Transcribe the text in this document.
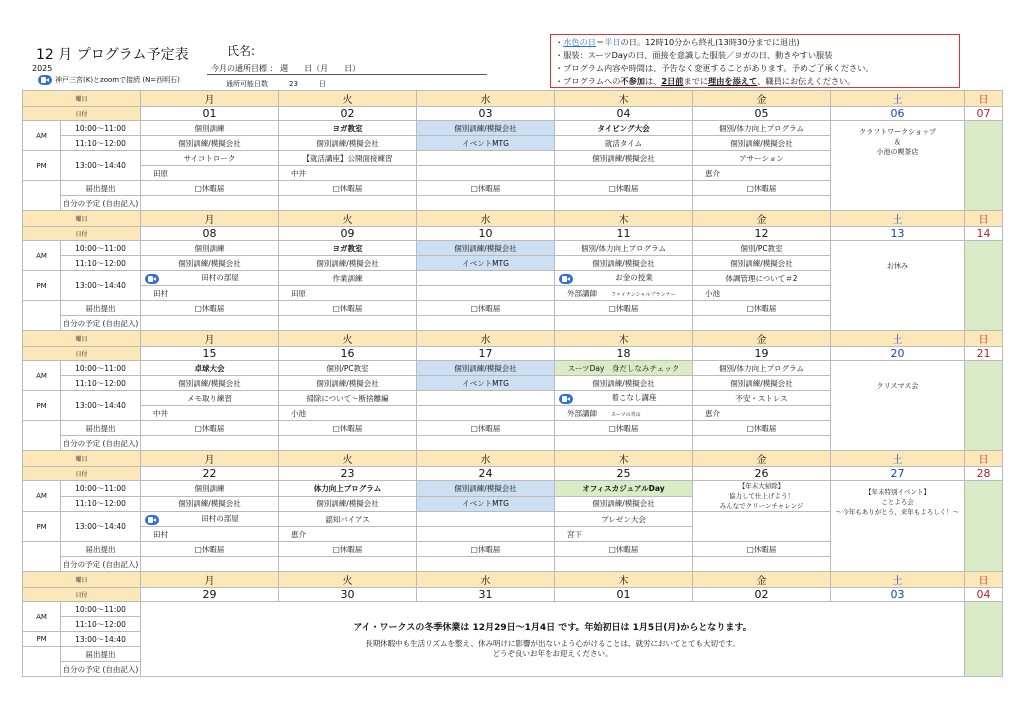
12 月 プログラム予定表
2025
神戸三宮(K)とzoomで接続 (N=西明石)
氏名:
今月の通所目標 ： 週　　日（月　　日）
通所可能日数　　　23　　　日
・水色の日＝半日の日。12時10分から終礼(13時30分までに退出)
・服装：スーツDayの日、面接を意識した服装／ヨガの日、動きやすい服装
・プログラム内容や時間は、予告なく変更することがあります。予めご了承ください。
・プログラムへの不参加は、2日前までに理由を添えて、職員にお伝えください。
曜日		月	火	水	木	金	土	日
日付		01	02	03	04	05	06	07
AM	10:00～11:00	個別訓練	ヨガ教室	個別訓練/模擬会社	タイピング大会	個別/体力向上プログラム	クラフトワークショップ
＆
小池の喫茶店	
	11:10～12:00	個別訓練/模擬会社	個別訓練/模擬会社	イベントMTG	就活タイム	個別訓練/模擬会社		
PM	13:00～14:40	サイコトローク	【就活講座】公開面接練習		個別訓練/模擬会社	アサーション		
		田原	中井			恵介		
	届出提出	□休暇届	□休暇届	□休暇届	□休暇届	□休暇届		
	自分の予定 (自由記入)							
曜日		月	火	水	木	金	土	日
日付		08	09	10	11	12	13	14
AM	10:00～11:00	個別訓練	ヨガ教室	個別訓練/模擬会社	個別/体力向上プログラム	個別/PC教室	お休み	
	11:10～12:00	個別訓練/模擬会社	個別訓練/模擬会社	イベントMTG	個別訓練/模擬会社	個別訓練/模擬会社		
PM	13:00～14:40	田村の部屋	作業訓練		お金の授業	体調管理について＃2		
		田村	田原		外部講師 ファイナンシャルプランナー	小池		
	届出提出	□休暇届	□休暇届	□休暇届	□休暇届	□休暇届		
	自分の予定 (自由記入)							
曜日		月	火	水	木	金	土	日
日付		15	16	17	18	19	20	21
AM	10:00～11:00	卓球大会	個別/PC教室	個別訓練/模擬会社	スーツDay　身だしなみチェック	個別/体力向上プログラム	クリスマス会	
	11:10～12:00	個別訓練/模擬会社	個別訓練/模擬会社	イベントMTG	個別訓練/模擬会社	個別訓練/模擬会社		
PM	13:00～14:40	メモ取り練習	掃除について～断捨離編		着こなし講座	不安・ストレス		
		中井	小池		外部講師 スーツの青山	恵介		
	届出提出	□休暇届	□休暇届	□休暇届	□休暇届	□休暇届		
	自分の予定 (自由記入)							
曜日		月	火	水	木	金	土	日
日付		22	23	24	25	26	27	28
AM	10:00～11:00	個別訓練	体力向上プログラム	個別訓練/模擬会社	オフィスカジュアルDay	【年末大掃除】
協力して仕上げよう！
みんなでクリーンチャレンジ	【年末特別イベント】
ことよろ会
～今年もありがとう、来年もよろしく！～	
	11:10～12:00	個別訓練/模擬会社	個別訓練/模擬会社	イベントMTG	個別訓練/模擬会社			
PM	13:00～14:40	田村の部屋	認知バイアス		プレゼン大会			
		田村	恵介		宮下			
	届出提出	□休暇届	□休暇届	□休暇届	□休暇届	□休暇届		
	自分の予定 (自由記入)							
曜日		月	火	水	木	金	土	日
日付		29	30	31	01	02	03	04
AM	10:00～11:00	アイ・ワークスの冬季休業は 12月29日～1月4日 です。年始初日は 1月5日(月)からとなります。
長期休暇中も生活リズムを整え、休み明けに影響が出ないよう心がけることは、就労においてとても大切です。
どうぞ良いお年をお迎えください。						

	11:10～12:00							
PM	13:00～14:40							
	届出提出							
	自分の予定 (自由記入)							
